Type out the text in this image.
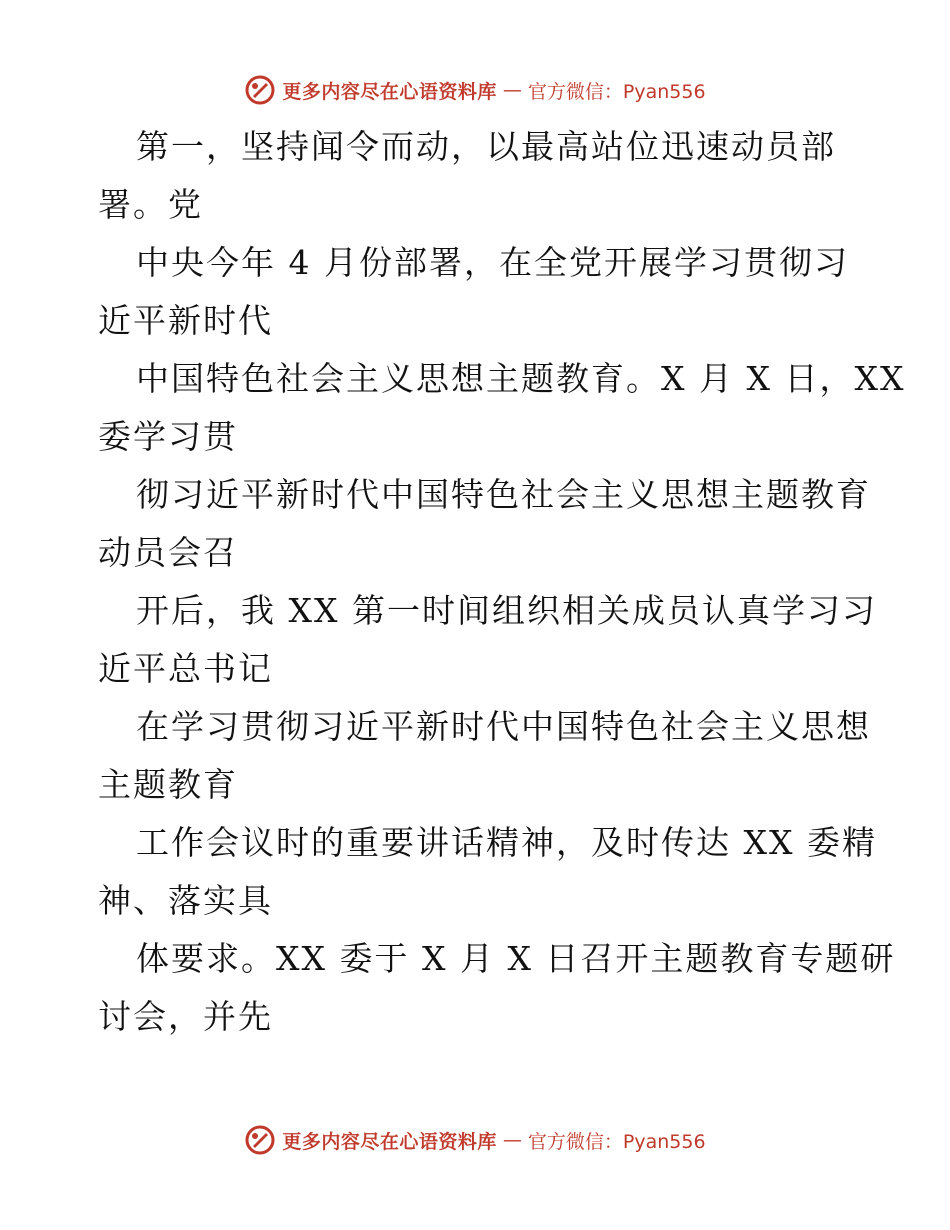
更多内容尽在心语资料库 — 官方微信：Pyan556

第一，坚持闻令而动，以最高站位迅速动员部
署。党

中央今年 4 月份部署，在全党开展学习贯彻习
近平新时代

中国特色社会主义思想主题教育。X 月 X 日，XX
委学习贯

彻习近平新时代中国特色社会主义思想主题教育
动员会召

开后，我 XX 第一时间组织相关成员认真学习习
近平总书记

在学习贯彻习近平新时代中国特色社会主义思想
主题教育

工作会议时的重要讲话精神，及时传达 XX 委精
神、落实具

体要求。XX 委于 X 月 X 日召开主题教育专题研
讨会，并先

更多内容尽在心语资料库 — 官方微信：Pyan556
